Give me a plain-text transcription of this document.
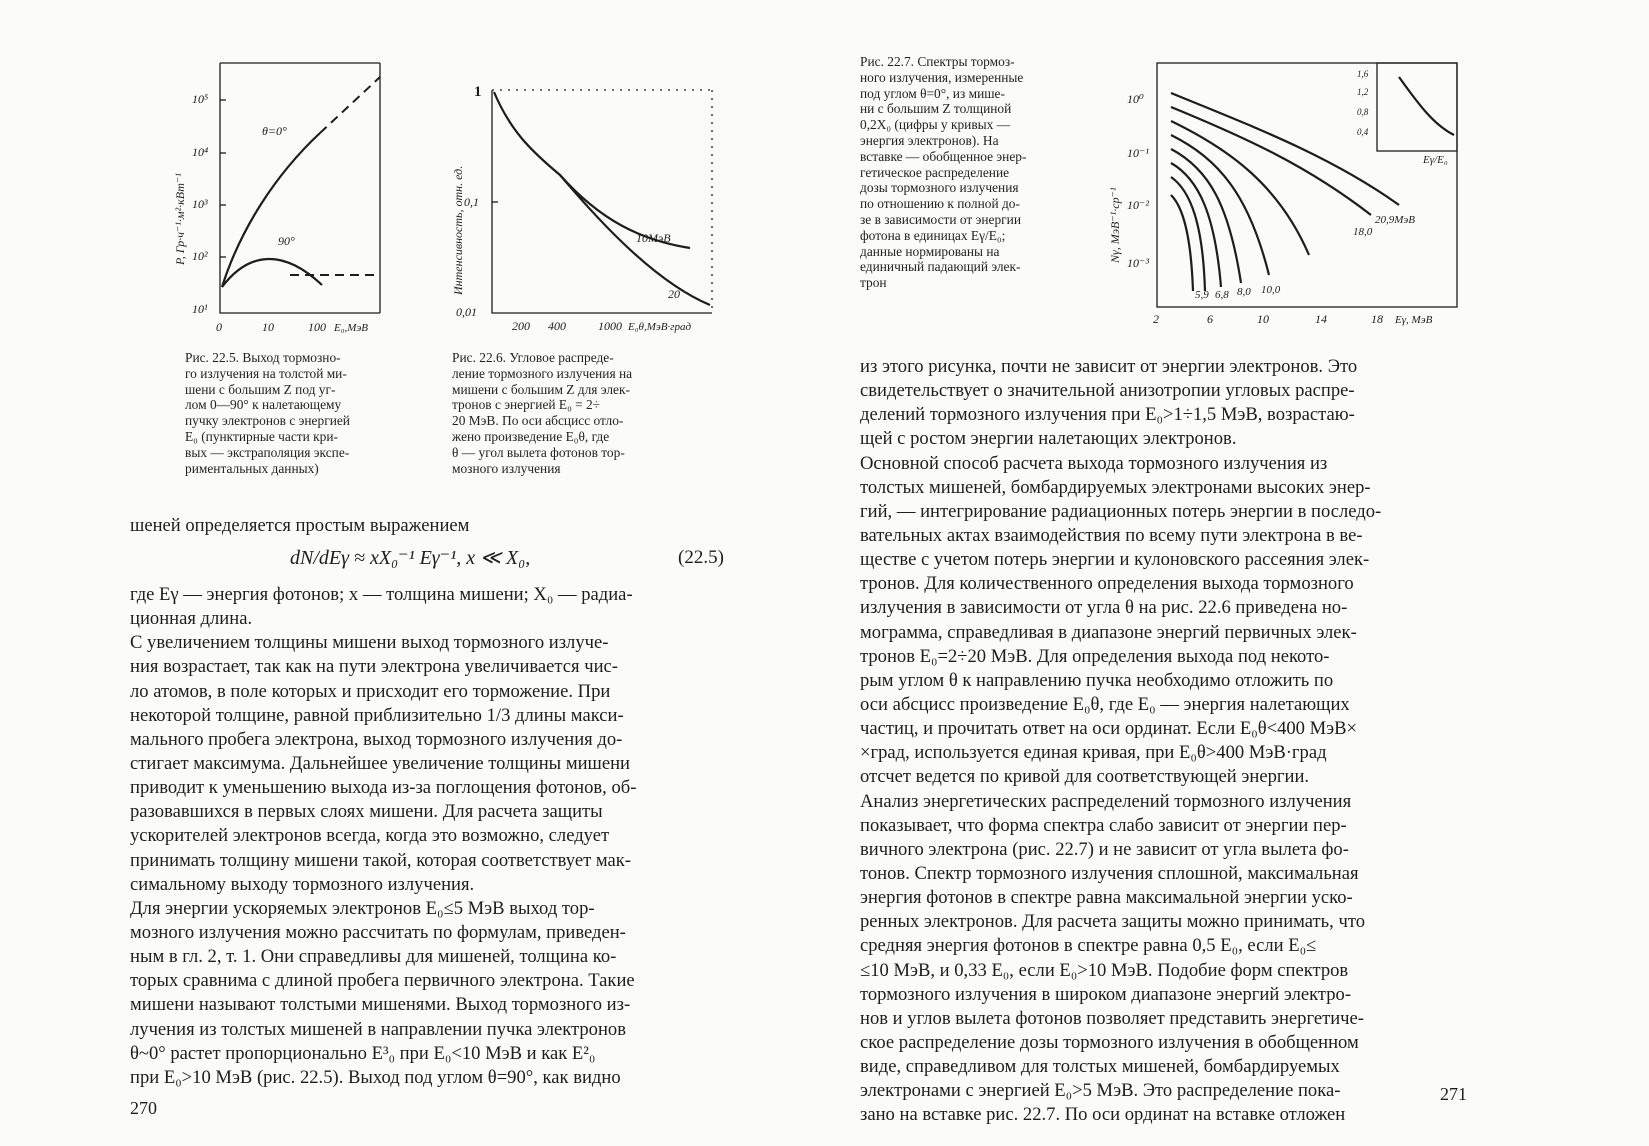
10⁵
10⁴
10³
10²
10¹
0	10	100 E₀,МэВ
P, Гр·ч⁻¹·м²·кВт⁻¹
θ=0°
90°
Рис. 22.5. Выход тормозно-
го излучения на толстой ми-
шени с большим Z под уг-
лом 0—90° к налетающему
пучку электронов с энергией
E₀ (пунктирные части кри-
вых — экстраполяция экспе-
риментальных данных)
1
0,1
0,01
200 400	1000 E₀θ,МэВ·град
Интенсивность, отн. ед.	10МэВ
20
Рис. 22.6. Угловое распреде-
ление тормозного излучения на
мишени с большим Z для элек-
тронов с энергией E₀ = 2÷
20 МэВ. По оси абсцисс отло-
жено произведение E₀θ, где
θ — угол вылета фотонов тор-
мозного излучения
шеней определяется простым выражением
dN/dEγ ≈ xX₀⁻¹ Eγ⁻¹, x ≪ X₀,	(22.5)
где Eγ — энергия фотонов; x — толщина мишени; X₀ — радиа-
ционная длина.
С увеличением толщины мишени выход тормозного излуче-
ния возрастает, так как на пути электрона увеличивается чис-
ло атомов, в поле которых и приcходит его торможение. При
некоторой толщине, равной приблизительно 1/3 длины макси-
мального пробега электрона, выход тормозного излучения до-
стигает максимума. Дальнейшее увеличение толщины мишени
приводит к уменьшению выхода из-за поглощения фотонов, об-
разовавшихся в первых слоях мишени. Для расчета защиты
ускорителей электронов всегда, когда это возможно, следует
принимать толщину мишени такой, которая соответствует мак-
симальному выходу тормозного излучения.
Для энергии ускоряемых электронов E₀≤5 МэВ выход тор-
мозного излучения можно рассчитать по формулам, приведен-
ным в гл. 2, т. 1. Они справедливы для мишеней, толщина ко-
торых сравнима с длиной пробега первичного электрона. Такие
мишени называют толстыми мишенями. Выход тормозного из-
лучения из толстых мишеней в направлении пучка электронов
θ~0° растет пропорционально E³₀ при E₀<10 МэВ и как E²₀
при E₀>10 МэВ (рис. 22.5). Выход под углом θ=90°, как видно
270
Рис. 22.7. Спектры тормоз-
ного излучения, измеренные
под углом θ=0°, из мише-
ни с большим Z толщиной
0,2X₀ (цифры у кривых —
энергия электронов). На
вставке — обобщенное энер-
гетическое распределение
дозы тормозного излучения
по отношению к полной до-
зе в зависимости от энергии
фотона в единицах Eγ/E₀;
данные нормированы на
единичный падающий элек-
трон
1,6
1,2
0,8
0,4
Eγ/E₀
10⁰
10⁻¹
10⁻²
10⁻³
2	6	10	14	18 Eγ, МэВ
Nγ, МэВ⁻¹·ср⁻¹
5,9 6,8 8,0 10,0
18,0
20,9МэВ
из этого рисунка, почти не зависит от энергии электронов. Это
свидетельствует о значительной анизотропии угловых распре-
делений тормозного излучения при E₀>1÷1,5 МэВ, возрастаю-
щей с ростом энергии налетающих электронов.
Основной способ расчета выхода тормозного излучения из
толстых мишеней, бомбардируемых электронами высоких энер-
гий, — интегрирование радиационных потерь энергии в последо-
вательных актах взаимодействия по всему пути электрона в ве-
ществе с учетом потерь энергии и кулоновского рассеяния элек-
тронов. Для количественного определения выхода тормозного
излучения в зависимости от угла θ на рис. 22.6 приведена но-
мограмма, справедливая в диапазоне энергий первичных элек-
тронов E₀=2÷20 МэВ. Для определения выхода под некото-
рым углом θ к направлению пучка необходимо отложить по
оси абсцисс произведение E₀θ, где E₀ — энергия налетающих
частиц, и прочитать ответ на оси ординат. Если E₀θ<400 МэВ×
×град, используется единая кривая, при E₀θ>400 МэВ·град
отсчет ведется по кривой для соответствующей энергии.
Анализ энергетических распределений тормозного излучения
показывает, что форма спектра слабо зависит от энергии пер-
вичного электрона (рис. 22.7) и не зависит от угла вылета фо-
тонов. Спектр тормозного излучения сплошной, максимальная
энергия фотонов в спектре равна максимальной энергии уско-
ренных электронов. Для расчета защиты можно принимать, что
средняя энергия фотонов в спектре равна 0,5 E₀, если E₀≤
≤10 МэВ, и 0,33 E₀, если E₀>10 МэВ. Подобие форм спектров
тормозного излучения в широком диапазоне энергий электро-
нов и углов вылета фотонов позволяет представить энергетиче-
ское распределение дозы тормозного излучения в обобщенном
виде, справедливом для толстых мишеней, бомбардируемых
электронами с энергией E₀>5 МэВ. Это распределение пока-
зано на вставке рис. 22.7. По оси ординат на вставке отложен
271
